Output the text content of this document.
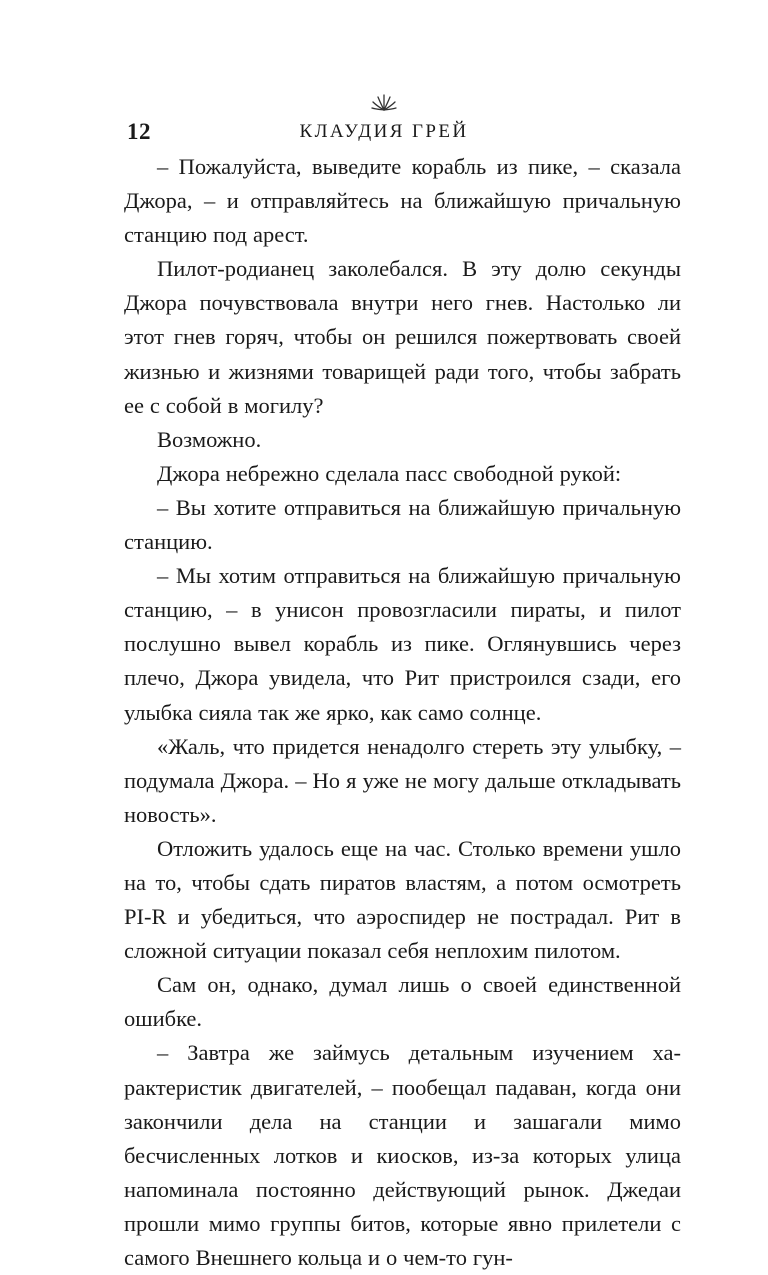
12	КЛАУДИЯ ГРЕЙ

– Пожалуйста, выведите корабль из пике, – сказала Джора, – и отправляйтесь на ближайшую причальную станцию под арест.

Пилот-родианец заколебался. В эту долю секунды Джора почувствовала внутри него гнев. Настолько ли этот гнев горяч, чтобы он решился пожертвовать своей жизнью и жизнями товарищей ради того, чтобы забрать ее с собой в могилу?

Возможно.

Джора небрежно сделала пасс свободной рукой:

– Вы хотите отправиться на ближайшую причальную станцию.

– Мы хотим отправиться на ближайшую причальную станцию, – в унисон провозгласили пираты, и пилот послушно вывел корабль из пике. Оглянувшись через плечо, Джора увидела, что Рит пристроился сзади, его улыбка сияла так же ярко, как само солнце.

«Жаль, что придется ненадолго стереть эту улыбку, – подумала Джора. – Но я уже не могу дальше откладывать новость».

Отложить удалось еще на час. Столько времени ушло на то, чтобы сдать пиратов властям, а потом осмотреть PI-R и убедиться, что аэроспидер не пострадал. Рит в сложной ситуации показал себя неплохим пилотом.

Сам он, однако, думал лишь о своей единственной ошибке.

– Завтра же займусь детальным изучением характеристик двигателей, – пообещал падаван, когда они закончили дела на станции и зашагали мимо бесчисленных лотков и киосков, из-за которых улица напоминала постоянно действующий рынок. Джедаи прошли мимо группы битов, которые явно прилетели с самого Внешнего кольца и о чем-то гун-
